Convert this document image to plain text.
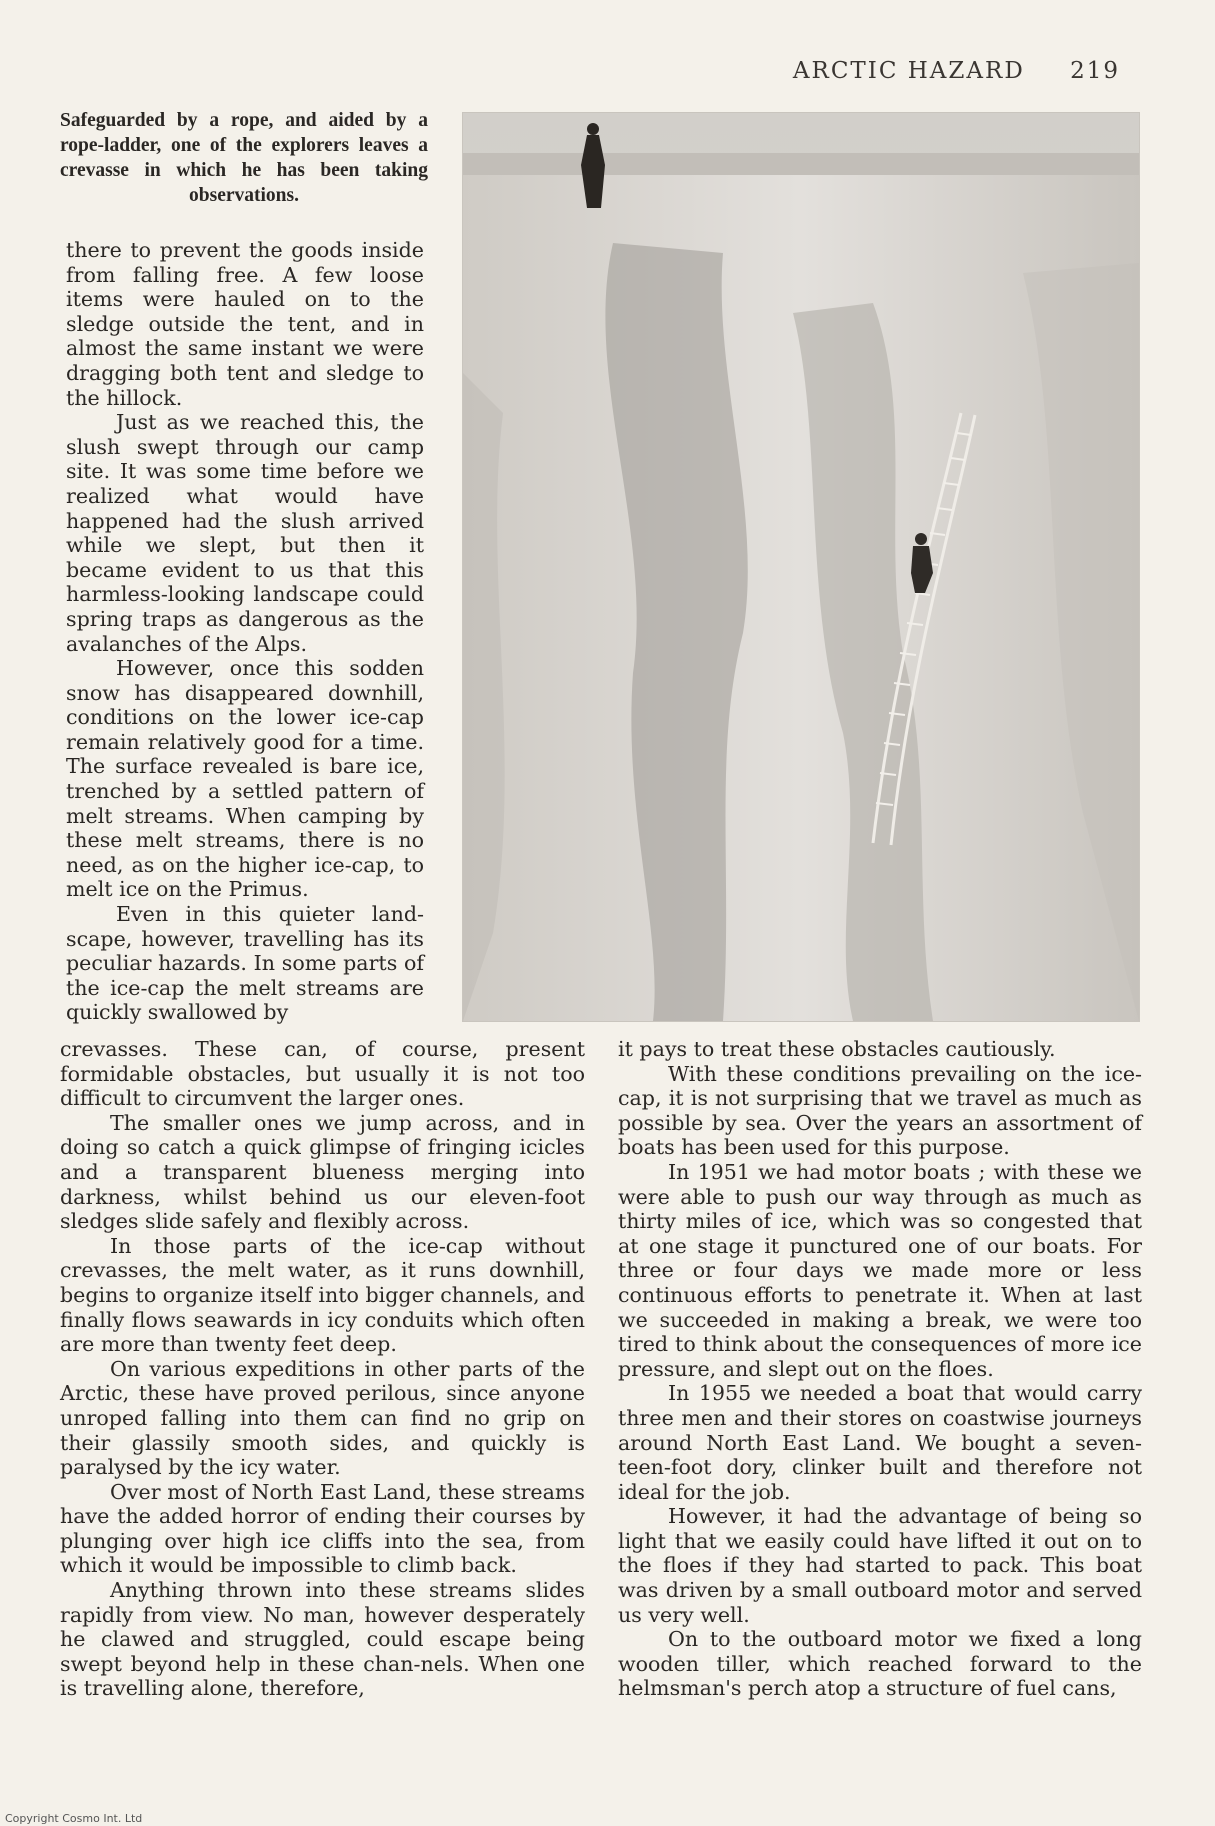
ARCTIC HAZARD 219
Safeguarded by a rope, and aided by a rope-ladder, one of the explorers leaves a crevasse in which he has been taking observations.

there to prevent the goods inside from falling free. A few loose items were hauled on to the sledge outside the tent, and in almost the same instant we were dragging both tent and sledge to the hillock.

Just as we reached this, the slush swept through our camp site. It was some time before we realized what would have happened had the slush arrived while we slept, but then it became evident to us that this harmless-looking landscape could spring traps as dangerous as the avalanches of the Alps.

However, once this sodden snow has disappeared downhill, conditions on the lower ice-cap remain relatively good for a time. The surface revealed is bare ice, trenched by a settled pattern of melt streams. When camping by these melt streams, there is no need, as on the higher ice-cap, to melt ice on the Primus.

Even in this quieter land-scape, however, travelling has its peculiar hazards. In some parts of the ice-cap the melt streams are quickly swallowed by

crevasses. These can, of course, present formidable obstacles, but usually it is not too difficult to circumvent the larger ones.

The smaller ones we jump across, and in doing so catch a quick glimpse of fringing icicles and a transparent blueness merging into darkness, whilst behind us our eleven-foot sledges slide safely and flexibly across.

In those parts of the ice-cap without crevasses, the melt water, as it runs downhill, begins to organize itself into bigger channels, and finally flows seawards in icy conduits which often are more than twenty feet deep.

On various expeditions in other parts of the Arctic, these have proved perilous, since anyone unroped falling into them can find no grip on their glassily smooth sides, and quickly is paralysed by the icy water.

Over most of North East Land, these streams have the added horror of ending their courses by plunging over high ice cliffs into the sea, from which it would be impossible to climb back.

Anything thrown into these streams slides rapidly from view. No man, however desperately he clawed and struggled, could escape being swept beyond help in these chan-nels. When one is travelling alone, therefore,

it pays to treat these obstacles cautiously.

With these conditions prevailing on the ice-cap, it is not surprising that we travel as much as possible by sea. Over the years an assortment of boats has been used for this purpose.

In 1951 we had motor boats ; with these we were able to push our way through as much as thirty miles of ice, which was so congested that at one stage it punctured one of our boats. For three or four days we made more or less continuous efforts to penetrate it. When at last we succeeded in making a break, we were too tired to think about the consequences of more ice pressure, and slept out on the floes.

In 1955 we needed a boat that would carry three men and their stores on coastwise journeys around North East Land. We bought a seven-teen-foot dory, clinker built and therefore not ideal for the job.

However, it had the advantage of being so light that we easily could have lifted it out on to the floes if they had started to pack. This boat was driven by a small outboard motor and served us very well.

On to the outboard motor we fixed a long wooden tiller, which reached forward to the helmsman's perch atop a structure of fuel cans,

Copyright Cosmo Int. Ltd
